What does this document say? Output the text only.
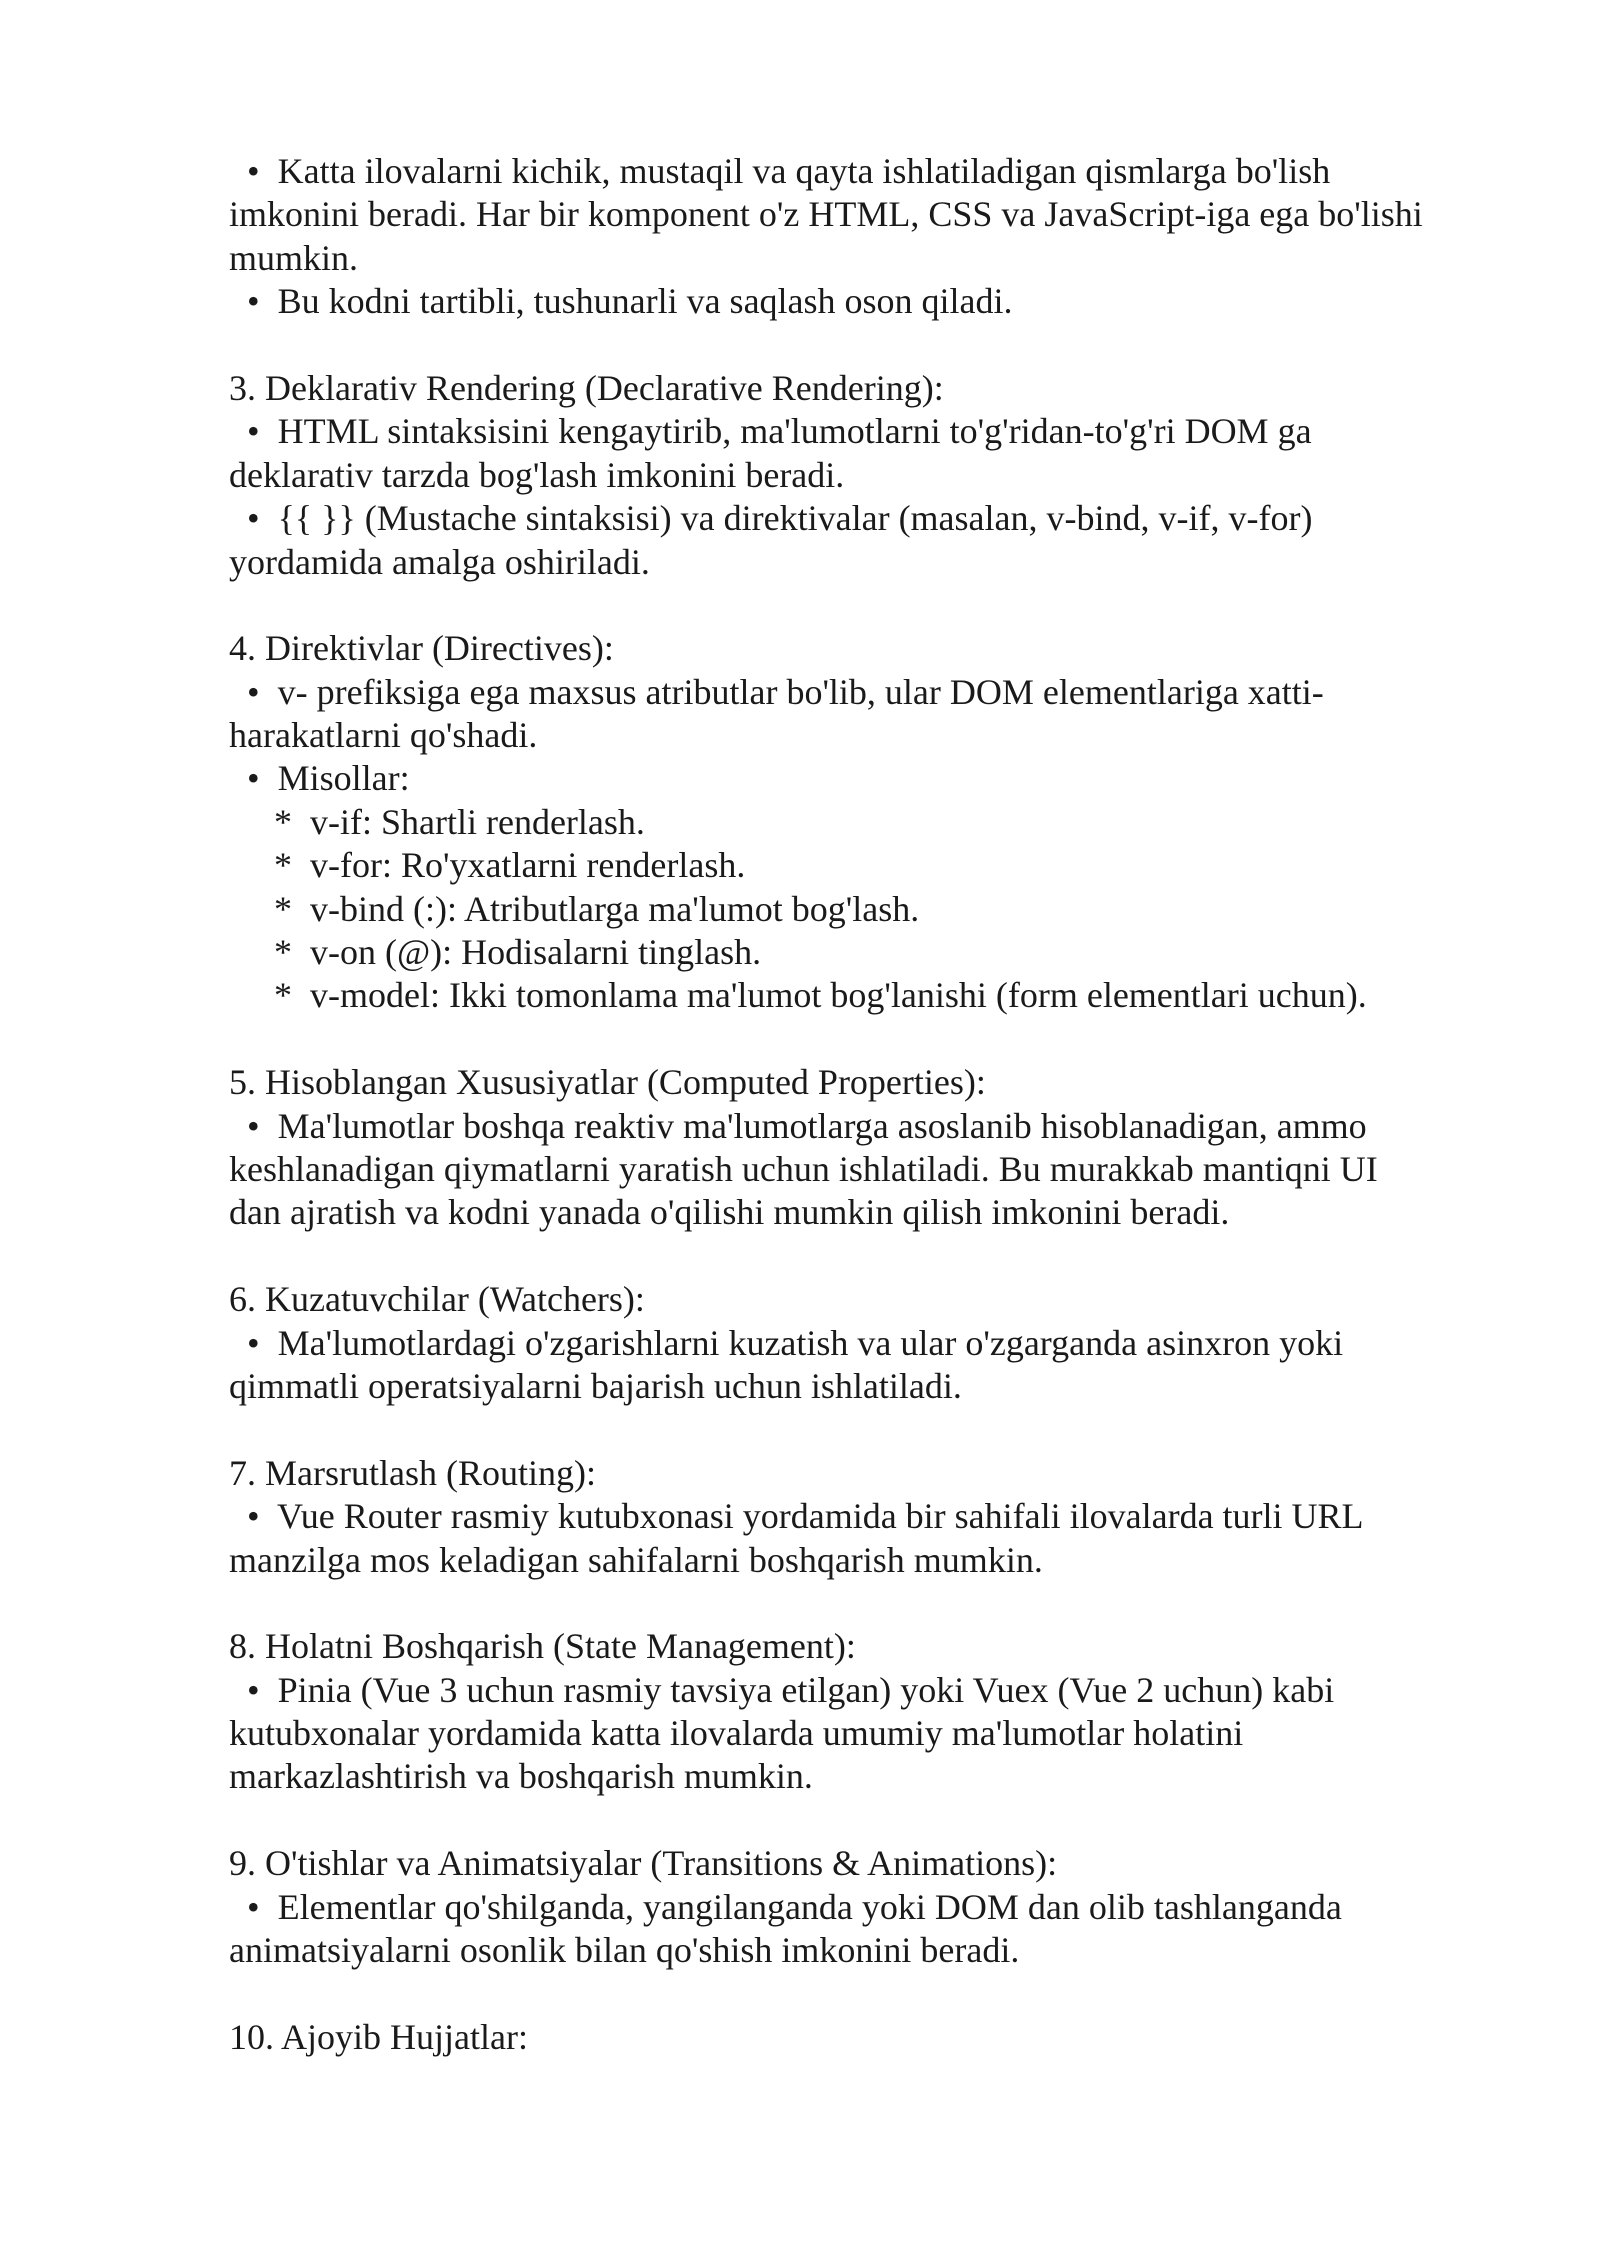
•  Katta ilovalarni kichik, mustaqil va qayta ishlatiladigan qismlarga bo'lish
imkonini beradi. Har bir komponent o'z HTML, CSS va JavaScript-iga ega bo'lishi
mumkin.
•  Bu kodni tartibli, tushunarli va saqlash oson qiladi.
3. Deklarativ Rendering (Declarative Rendering):
•  HTML sintaksisini kengaytirib, ma'lumotlarni to'g'ridan-to'g'ri DOM ga
deklarativ tarzda bog'lash imkonini beradi.
•  {{ }} (Mustache sintaksisi) va direktivalar (masalan, v-bind, v-if, v-for)
yordamida amalga oshiriladi.
4. Direktivlar (Directives):
•  v- prefiksiga ega maxsus atributlar bo'lib, ular DOM elementlariga xatti-
harakatlarni qo'shadi.
•  Misollar:
*  v-if: Shartli renderlash.
*  v-for: Ro'yxatlarni renderlash.
*  v-bind (:): Atributlarga ma'lumot bog'lash.
*  v-on (@): Hodisalarni tinglash.
*  v-model: Ikki tomonlama ma'lumot bog'lanishi (form elementlari uchun).
5. Hisoblangan Xususiyatlar (Computed Properties):
•  Ma'lumotlar boshqa reaktiv ma'lumotlarga asoslanib hisoblanadigan, ammo
keshlanadigan qiymatlarni yaratish uchun ishlatiladi. Bu murakkab mantiqni UI
dan ajratish va kodni yanada o'qilishi mumkin qilish imkonini beradi.
6. Kuzatuvchilar (Watchers):
•  Ma'lumotlardagi o'zgarishlarni kuzatish va ular o'zgarganda asinxron yoki
qimmatli operatsiyalarni bajarish uchun ishlatiladi.
7. Marsrutlash (Routing):
•  Vue Router rasmiy kutubxonasi yordamida bir sahifali ilovalarda turli URL
manzilga mos keladigan sahifalarni boshqarish mumkin.
8. Holatni Boshqarish (State Management):
•  Pinia (Vue 3 uchun rasmiy tavsiya etilgan) yoki Vuex (Vue 2 uchun) kabi
kutubxonalar yordamida katta ilovalarda umumiy ma'lumotlar holatini
markazlashtirish va boshqarish mumkin.
9. O'tishlar va Animatsiyalar (Transitions & Animations):
•  Elementlar qo'shilganda, yangilanganda yoki DOM dan olib tashlanganda
animatsiyalarni osonlik bilan qo'shish imkonini beradi.
10. Ajoyib Hujjatlar:
